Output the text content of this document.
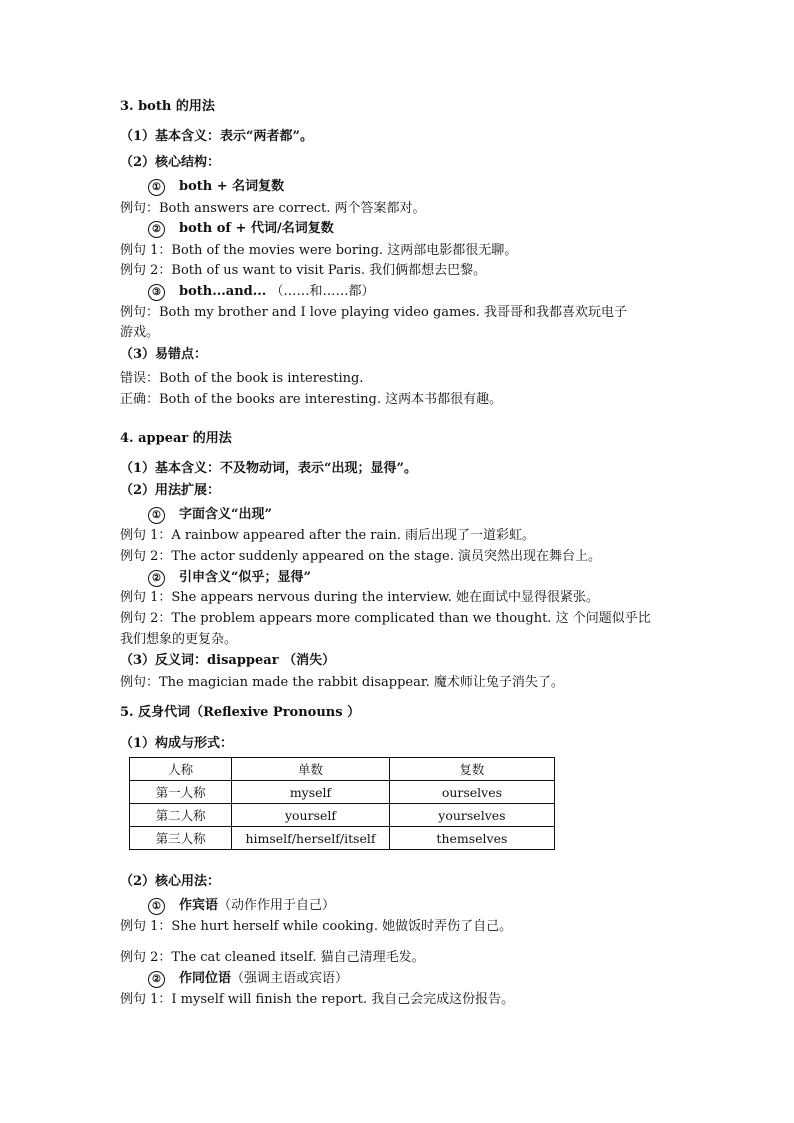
3. both 的用法
（1）基本含义：表示“两者都”。
（2）核心结构：
① both + 名词复数
例句：Both answers are correct. 两个答案都对。
② both of + 代词/名词复数
例句 1：Both of the movies were boring. 这两部电影都很无聊。
例句 2：Both of us want to visit Paris. 我们俩都想去巴黎。
③ both...and... （……和……都）
例句：Both my brother and I love playing video games. 我哥哥和我都喜欢玩电子
游戏。
（3）易错点：
错误：Both of the book is interesting.
正确：Both of the books are interesting. 这两本书都很有趣。
4. appear 的用法
（1）基本含义：不及物动词，表示“出现；显得”。
（2）用法扩展：
① 字面含义“出现”
例句 1：A rainbow appeared after the rain. 雨后出现了一道彩虹。
例句 2：The actor suddenly appeared on the stage. 演员突然出现在舞台上。
② 引申含义“似乎；显得”
例句 1：She appears nervous during the interview. 她在面试中显得很紧张。
例句 2：The problem appears more complicated than we thought. 这 个问题似乎比
我们想象的更复杂。
（3）反义词：disappear （消失）
例句：The magician made the rabbit disappear. 魔术师让兔子消失了。
5. 反身代词（Reflexive Pronouns ）
（1）构成与形式：
人称	单数	复数
第一人称	myself	ourselves
第二人称	yourself	yourselves
第三人称	himself/herself/itself	themselves
（2）核心用法：
① 作宾语（动作作用于自己）
例句 1：She hurt herself while cooking. 她做饭时弄伤了自己。
例句 2：The cat cleaned itself. 猫自己清理毛发。
② 作同位语（强调主语或宾语）
例句 1：I myself will finish the report. 我自己会完成这份报告。
